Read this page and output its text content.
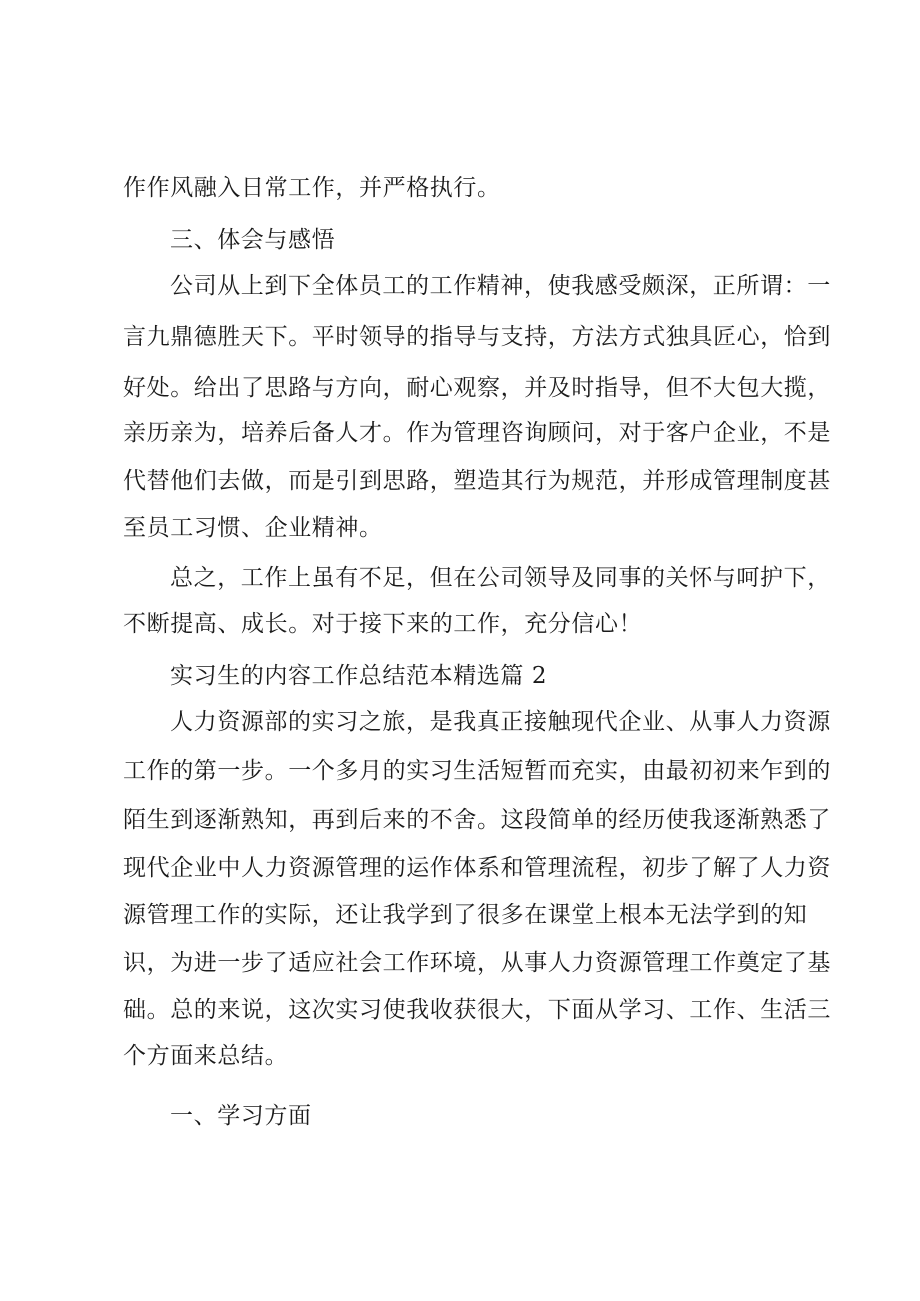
作作风融入日常工作，并严格执行。
三、体会与感悟
公司从上到下全体员工的工作精神，使我感受颇深，正所谓：一
言九鼎德胜天下。平时领导的指导与支持，方法方式独具匠心，恰到
好处。给出了思路与方向，耐心观察，并及时指导，但不大包大揽，
亲历亲为，培养后备人才。作为管理咨询顾问，对于客户企业，不是
代替他们去做，而是引到思路，塑造其行为规范，并形成管理制度甚
至员工习惯、企业精神。
总之，工作上虽有不足，但在公司领导及同事的关怀与呵护下，
不断提高、成长。对于接下来的工作，充分信心！
实习生的内容工作总结范本精选篇 2
人力资源部的实习之旅，是我真正接触现代企业、从事人力资源
工作的第一步。一个多月的实习生活短暂而充实，由最初初来乍到的
陌生到逐渐熟知，再到后来的不舍。这段简单的经历使我逐渐熟悉了
现代企业中人力资源管理的运作体系和管理流程，初步了解了人力资
源管理工作的实际，还让我学到了很多在课堂上根本无法学到的知
识，为进一步了适应社会工作环境，从事人力资源管理工作奠定了基
础。总的来说，这次实习使我收获很大，下面从学习、工作、生活三
个方面来总结。
一、学习方面
